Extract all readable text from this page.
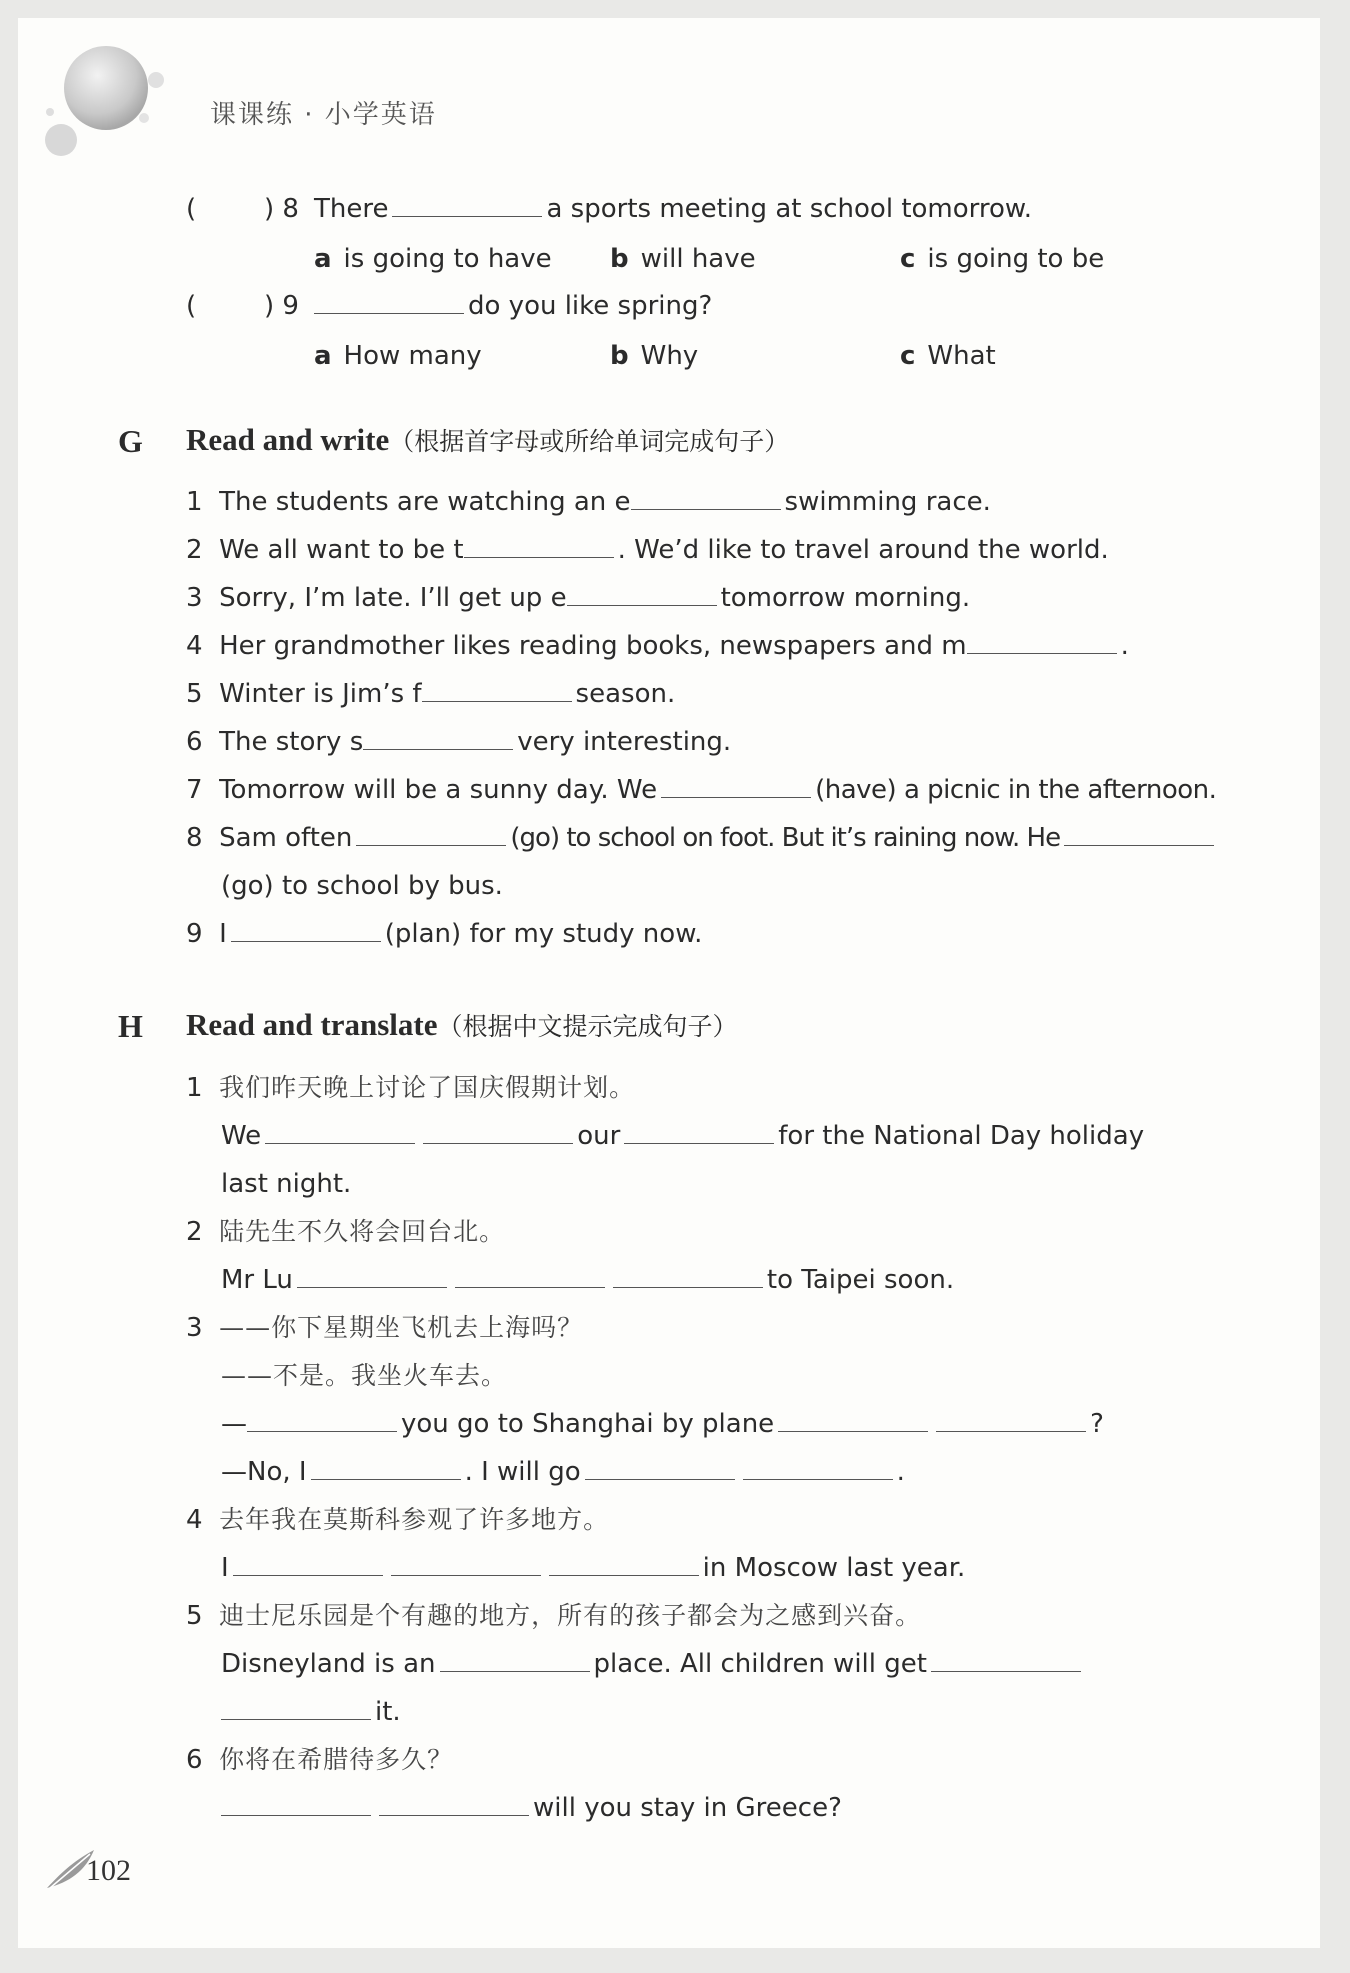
课课练 · 小学英语
(	) 8 There	a sports meeting at school tomorrow.
a is going to have b will have	c is going to be
(	) 9	do you like spring?
a How many	b Why	c What
G Read and write（根据首字母或所给单词完成句子）
1 The students are watching an e	swimming race.
2 We all want to be t	. We’d like to travel around the world.
3 Sorry, I’m late. I’ll get up e	tomorrow morning.
4 Her grandmother likes reading books, newspapers and m	.
5 Winter is Jim’s f	season.
6 The story s	very interesting.
7 Tomorrow will be a sunny day. We	(have) a picnic in the afternoon.
8 Sam often	(go) to school on foot. But it’s raining now. He
(go) to school by bus.
9 I	(plan) for my study now.
H Read and translate（根据中文提示完成句子）
1 我们昨天晚上讨论了国庆假期计划。
We	our	for the National Day holiday
last night.
2 陆先生不久将会回台北。
Mr Lu	to Taipei soon.
3 ——你下星期坐飞机去上海吗？
——不是。我坐火车去。
—	you go to Shanghai by plane	?
—No, I	. I will go	.
4 去年我在莫斯科参观了许多地方。
I	in Moscow last year.
5 迪士尼乐园是个有趣的地方，所有的孩子都会为之感到兴奋。
Disneyland is an	place. All children will get
it.
6 你将在希腊待多久？
will you stay in Greece?
102
